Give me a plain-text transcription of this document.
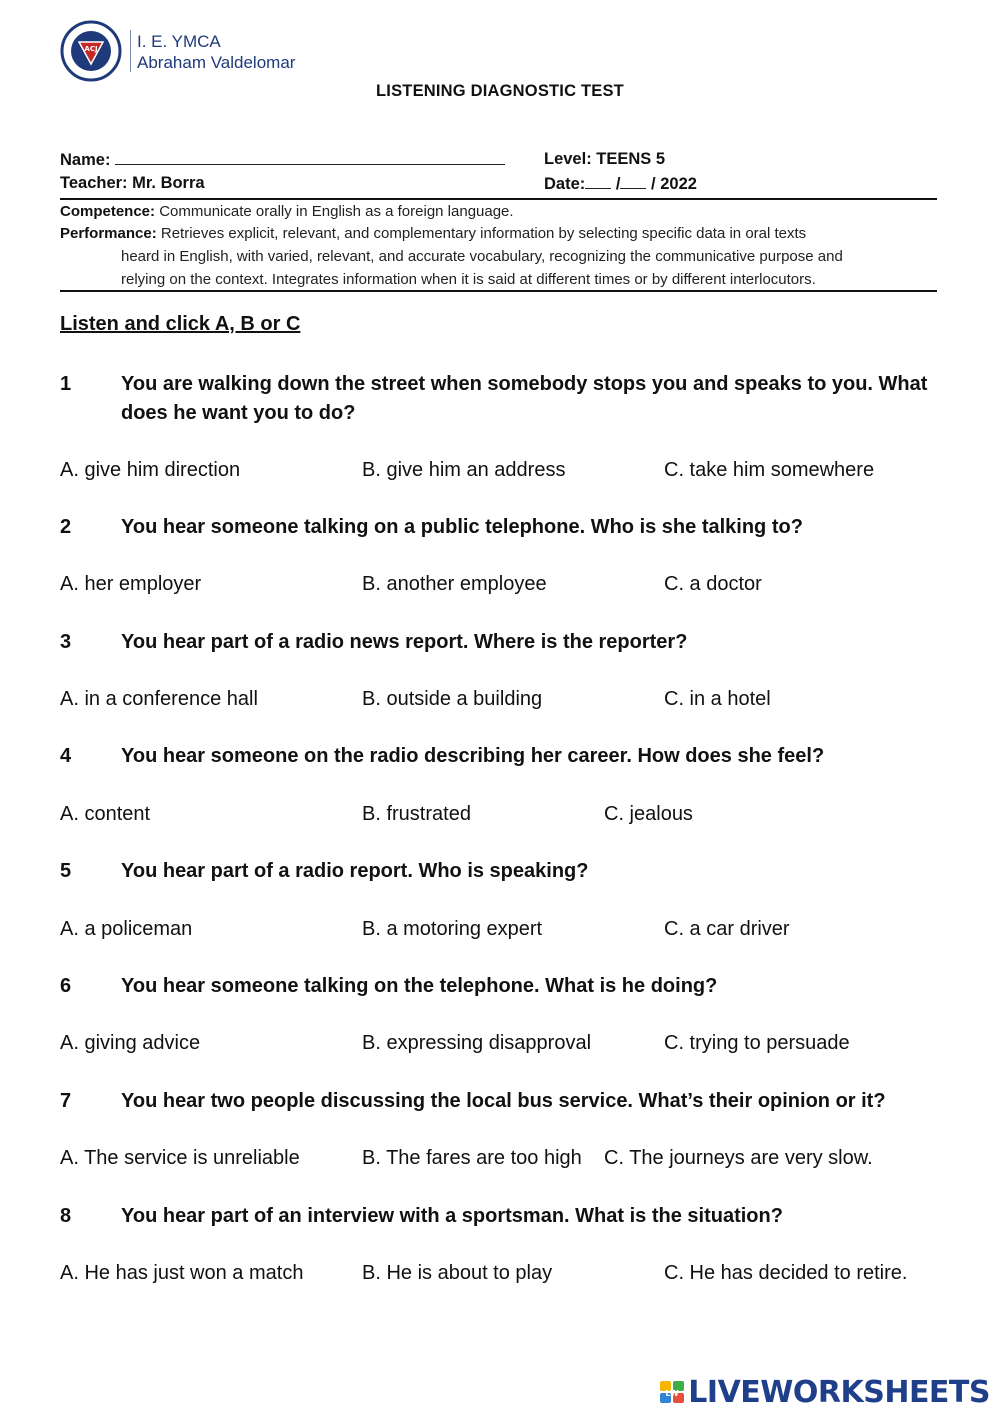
ACJ I. E. YMCA
Abraham Valdelomar
LISTENING DIAGNOSTIC TEST
Name:	Level: TEENS 5
Teacher: Mr. Borra	Date: / / 2022
Competence: Communicate orally in English as a foreign language.
Performance: Retrieves explicit, relevant, and complementary information by selecting specific data in oral texts
heard in English, with varied, relevant, and accurate vocabulary, recognizing the communicative purpose and
relying on the context. Integrates information when it is said at different times or by different interlocutors.
Listen and click A, B or C
1 You are walking down the street when somebody stops you and speaks to you. What does he want you to do?
A. give him direction	B. give him an address	C. take him somewhere
2 You hear someone talking on a public telephone. Who is she talking to?
A. her employer	B. another employee	C. a doctor
3 You hear part of a radio news report. Where is the reporter?
A. in a conference hall	B. outside a building	C. in a hotel
4 You hear someone on the radio describing her career. How does she feel?
A. content	B. frustrated	C. jealous
5 You hear part of a radio report. Who is speaking?
A. a policeman	B. a motoring expert	C. a car driver
6 You hear someone talking on the telephone. What is he doing?
A. giving advice	B. expressing disapproval	C. trying to persuade
7 You hear two people discussing the local bus service. What’s their opinion or it?
A. The service is unreliable	B. The fares are too high C. The journeys are very slow.
8 You hear part of an interview with a sportsman. What is the situation?
A. He has just won a match	B. He is about to play	C. He has decided to retire.
LW LIVEWORKSHEETS
